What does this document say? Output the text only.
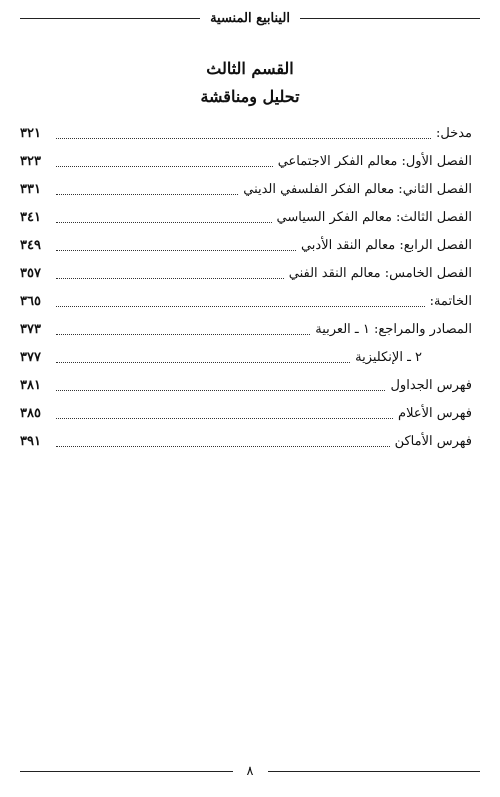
الينابيع المنسية
القسم الثالث
تحليل ومناقشة
مدخل:
٣٢١
الفصل الأول: معالم الفكر الاجتماعي
٣٢٣
الفصل الثاني: معالم الفكر الفلسفي الديني
٣٣١
الفصل الثالث: معالم الفكر السياسي
٣٤١
الفصل الرابع: معالم النقد الأدبي
٣٤٩
الفصل الخامس: معالم النقد الفني
٣٥٧
الخاتمة:
٣٦٥
المصادر والمراجع: ١ ـ العربية
٣٧٣
٢ ـ الإنكليزية
٣٧٧
فهرس الجداول
٣٨١
فهرس الأعلام
٣٨٥
فهرس الأماكن
٣٩١
٨
